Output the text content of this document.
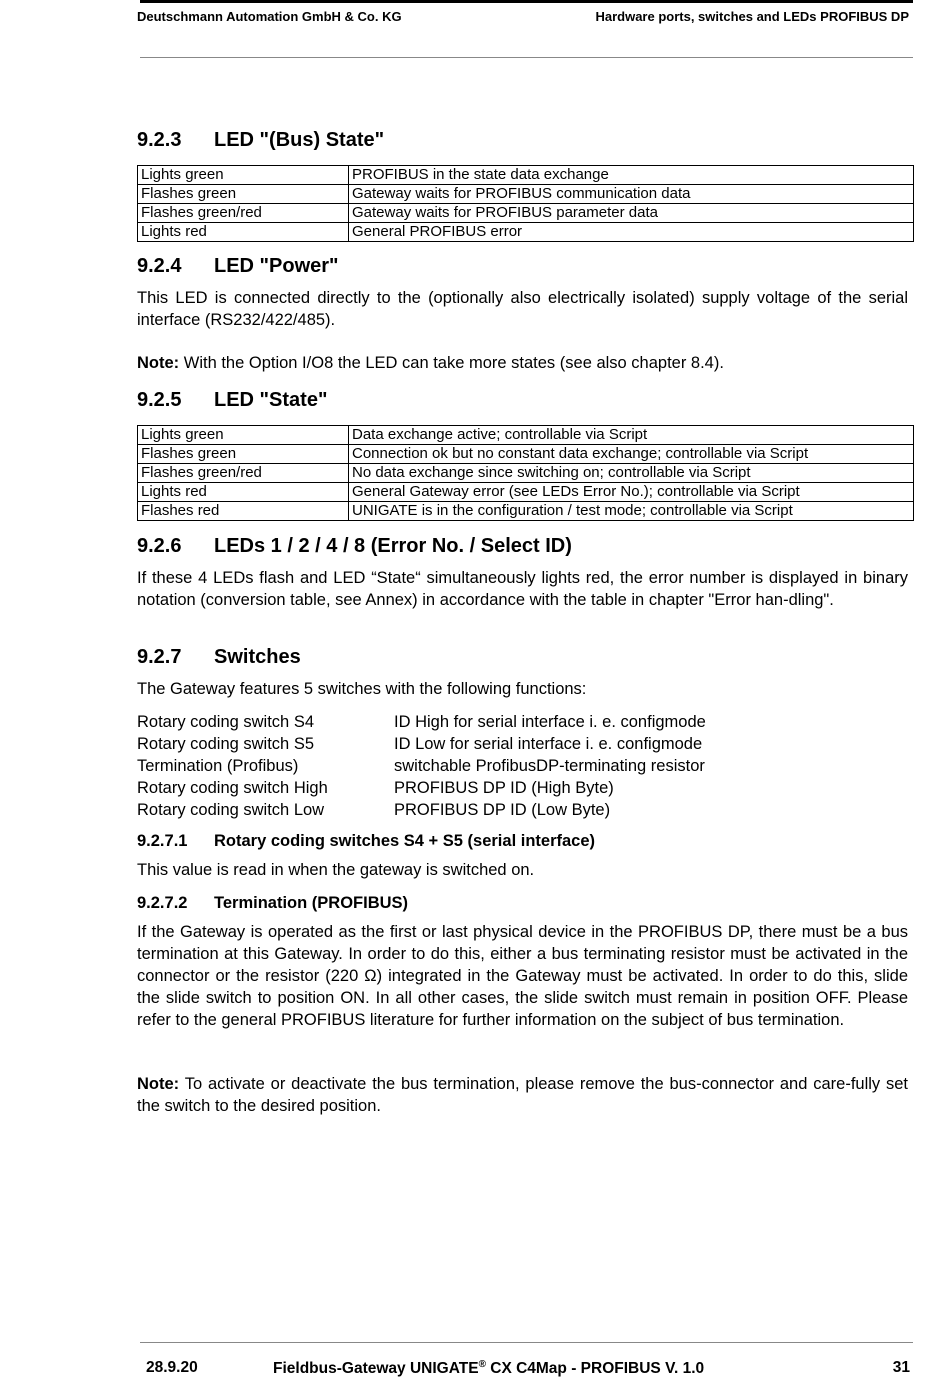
Deutschmann Automation GmbH & Co. KG	Hardware ports, switches and LEDs PROFIBUS DP
9.2.3 LED "(Bus) State"
Lights green	PROFIBUS in the state data exchange
Flashes green	Gateway waits for PROFIBUS communication data
Flashes green/red	Gateway waits for PROFIBUS parameter data
Lights red	General PROFIBUS error
9.2.4 LED "Power"
This LED is connected directly to the (optionally also electrically isolated) supply voltage of the serial interface (RS232/422/485).
Note: With the Option I/O8 the LED can take more states (see also chapter 8.4).
9.2.5 LED "State"
Lights green	Data exchange active; controllable via Script
Flashes green	Connection ok but no constant data exchange; controllable via Script
Flashes green/red	No data exchange since switching on; controllable via Script
Lights red	General Gateway error (see LEDs Error No.); controllable via Script
Flashes red	UNIGATE is in the configuration / test mode; controllable via Script
9.2.6 LEDs 1 / 2 / 4 / 8 (Error No. / Select ID)
If these 4 LEDs flash and LED “State“ simultaneously lights red, the error number is displayed in binary notation (conversion table, see Annex) in accordance with the table in chapter "Error han-dling".
9.2.7 Switches
The Gateway features 5 switches with the following functions:
Rotary coding switch S4	ID High for serial interface i. e. configmode
Rotary coding switch S5	ID Low for serial interface i. e. configmode
Termination (Profibus)	switchable ProfibusDP-terminating resistor
Rotary coding switch High	PROFIBUS DP ID (High Byte)
Rotary coding switch Low	PROFIBUS DP ID (Low Byte)
9.2.7.1 Rotary coding switches S4 + S5 (serial interface)
This value is read in when the gateway is switched on.
9.2.7.2 Termination (PROFIBUS)
If the Gateway is operated as the first or last physical device in the PROFIBUS DP, there must be a bus termination at this Gateway. In order to do this, either a bus terminating resistor must be activated in the connector or the resistor (220 Ω) integrated in the Gateway must be activated. In order to do this, slide the slide switch to position ON. In all other cases, the slide switch must remain in position OFF. Please refer to the general PROFIBUS literature for further information on the subject of bus termination.
Note: To activate or deactivate the bus termination, please remove the bus-connector and care-fully set the switch to the desired position.
28.9.20	Fieldbus-Gateway UNIGATE® CX C4Map - PROFIBUS V. 1.0	31
